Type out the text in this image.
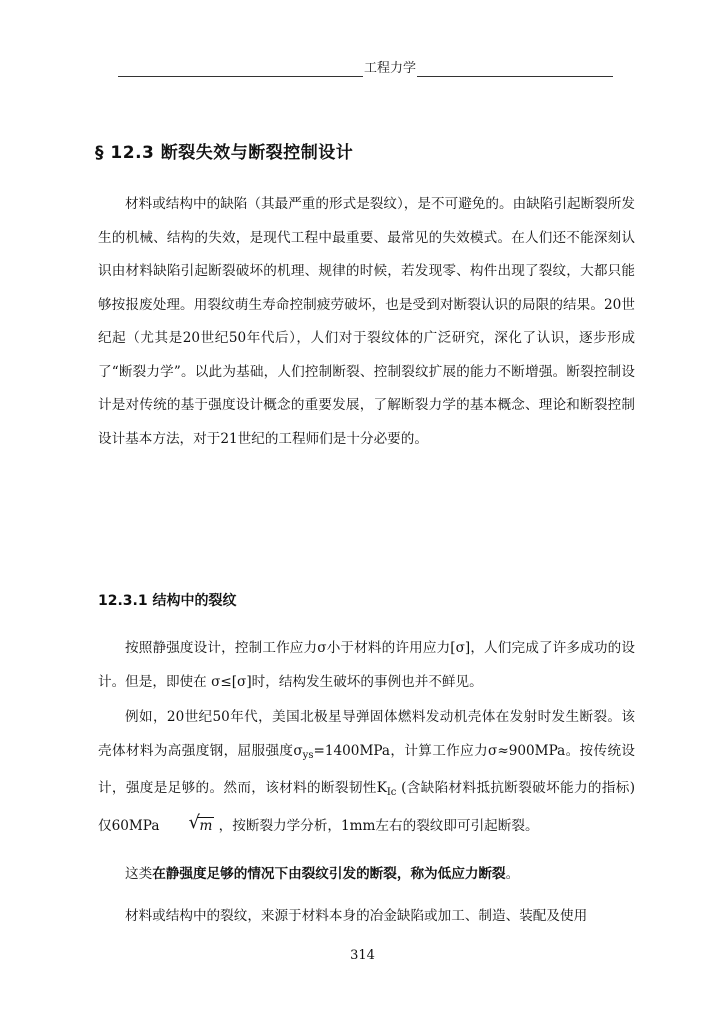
工程力学
§ 12.3 断裂失效与断裂控制设计

材料或结构中的缺陷（其最严重的形式是裂纹），是不可避免的。由缺陷引起断裂所发生的机械、结构的失效，是现代工程中最重要、最常见的失效模式。在人们还不能深刻认识由材料缺陷引起断裂破坏的机理、规律的时候，若发现零、构件出现了裂纹，大都只能够按报废处理。用裂纹萌生寿命控制疲劳破坏，也是受到对断裂认识的局限的结果。20世纪起（尤其是20世纪50年代后），人们对于裂纹体的广泛研究，深化了认识，逐步形成了“断裂力学”。以此为基础，人们控制断裂、控制裂纹扩展的能力不断增强。断裂控制设计是对传统的基于强度设计概念的重要发展，了解断裂力学的基本概念、理论和断裂控制设计基本方法，对于21世纪的工程师们是十分必要的。

12.3.1 结构中的裂纹

按照静强度设计，控制工作应力σ小于材料的许用应力[σ]，人们完成了许多成功的设计。但是，即使在 σ≤[σ]时，结构发生破坏的事例也并不鲜见。

例如，20世纪50年代，美国北极星导弹固体燃料发动机壳体在发射时发生断裂。该壳体材料为高强度钢，屈服强度$\sigma_{ys}=1400MPa$，计算工作应力σ≈900MPa。按传统设计，强度是足够的。然而，该材料的断裂韧性$K_{Ic}$ (含缺陷材料抵抗断裂破坏能力的指标)仅60MPa	√ m ，按断裂力学分析，1mm左右的裂纹即可引起断裂。

这类在静强度足够的情况下由裂纹引发的断裂，称为低应力断裂。

材料或结构中的裂纹，来源于材料本身的冶金缺陷或加工、制造、装配及使用

314
